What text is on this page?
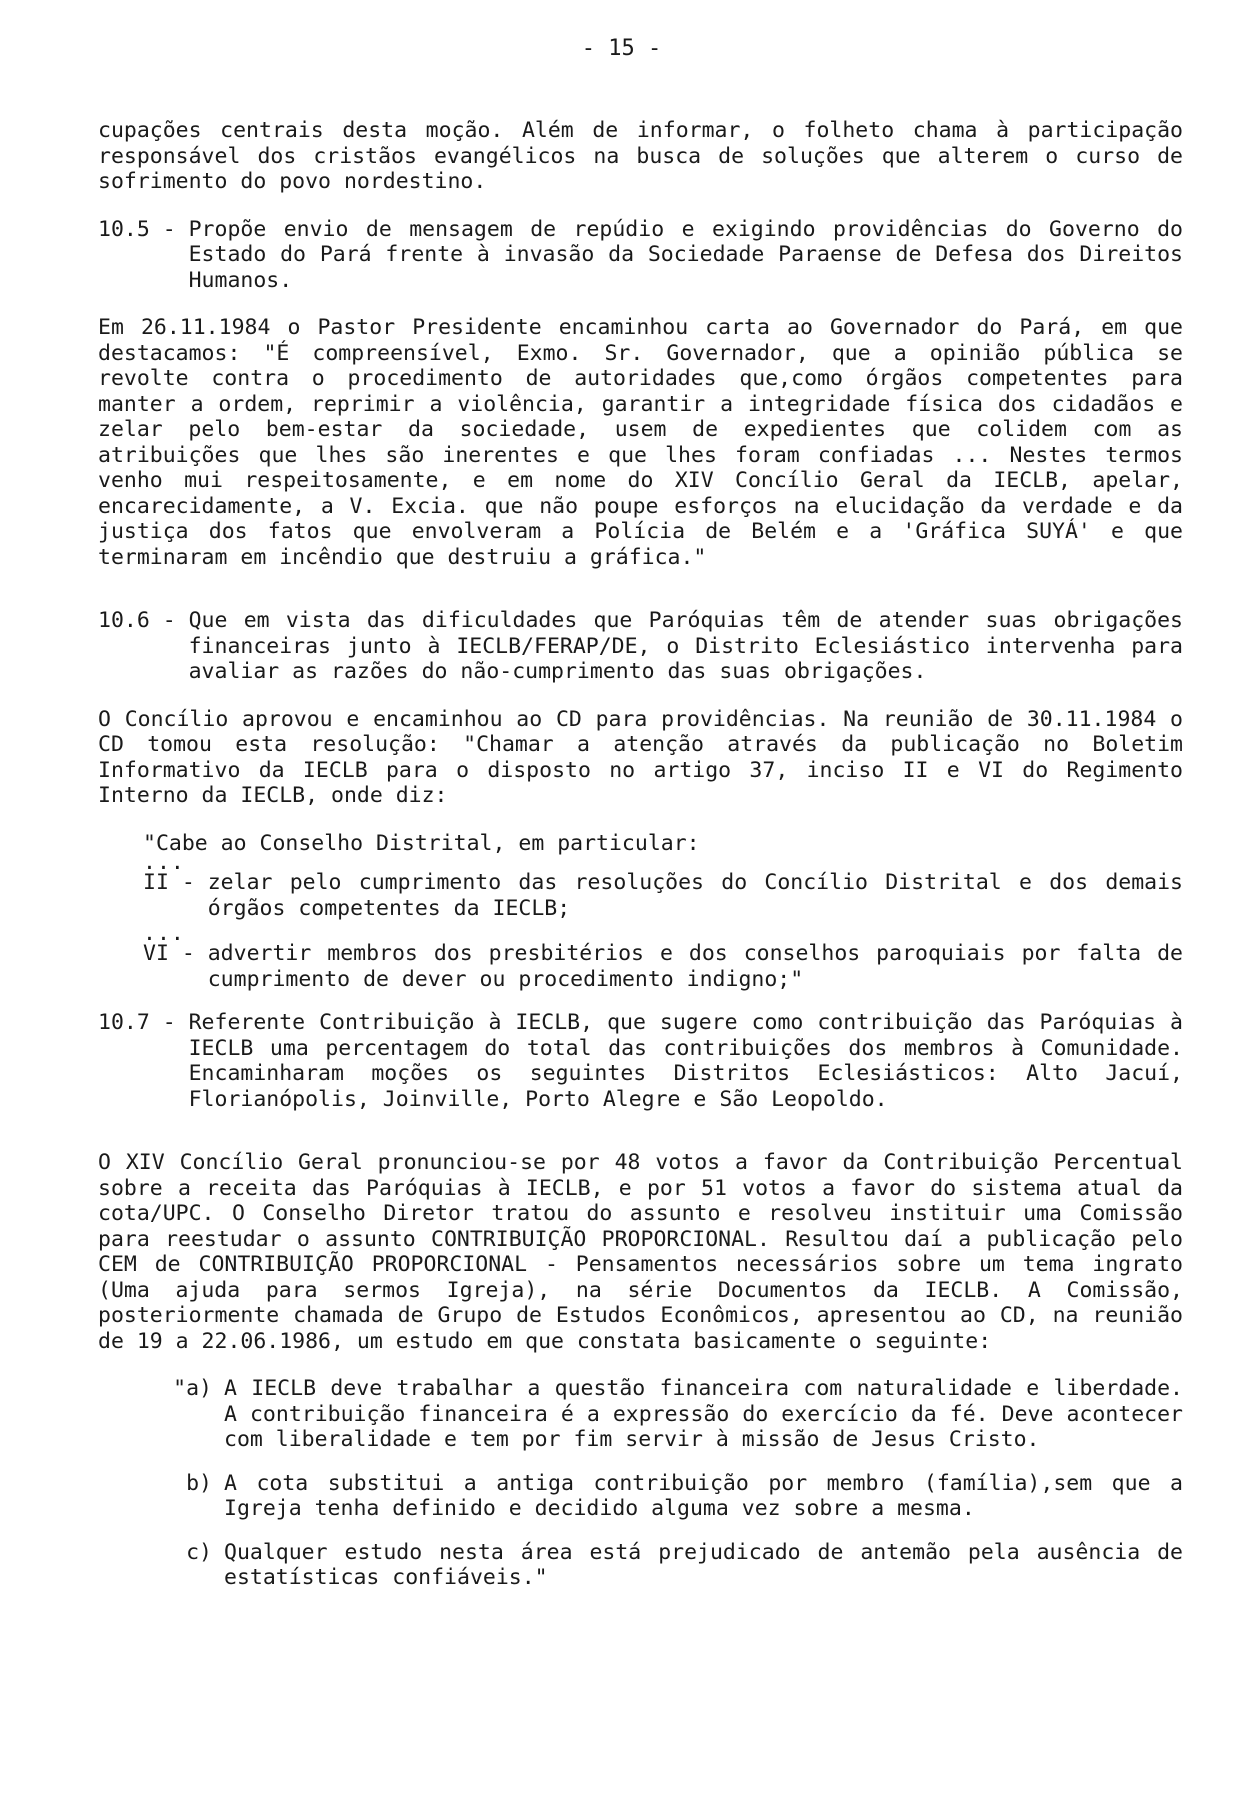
- 15 -

cupações centrais desta moção. Além de informar, o folheto chama à participação responsável dos cristãos evangélicos na busca de soluções que alterem o curso de sofrimento do povo nordestino.

10.5 - Propõe envio de mensagem de repúdio e exigindo providências do Governo do Estado do Pará frente à invasão da Sociedade Paraense de Defesa dos Direitos Humanos.

Em 26.11.1984 o Pastor Presidente encaminhou carta ao Governador do Pará, em que destacamos: "É compreensível, Exmo. Sr. Governador, que a opinião pública se revolte contra o procedimento de autoridades que,como órgãos competentes para manter a ordem, reprimir a violência, garantir a integridade física dos cidadãos e zelar pelo bem-estar da sociedade, usem de expedientes que colidem com as atribuições que lhes são inerentes e que lhes foram confiadas ... Nestes termos venho mui respeitosamente, e em nome do XIV Concílio Geral da IECLB, apelar, encarecidamente, a V. Excia. que não poupe esforços na elucidação da verdade e da justiça dos fatos que envolveram a Polícia de Belém e a 'Gráfica SUYÁ' e que terminaram em incêndio que destruiu a gráfica."

10.6 - Que em vista das dificuldades que Paróquias têm de atender suas obrigações financeiras junto à IECLB/FERAP/DE, o Distrito Eclesiástico intervenha para avaliar as razões do não-cumprimento das suas obrigações.

O Concílio aprovou e encaminhou ao CD para providências. Na reunião de 30.11.1984 o CD tomou esta resolução: "Chamar a atenção através da publicação no Boletim Informativo da IECLB para o disposto no artigo 37, inciso II e VI do Regimento Interno da IECLB, onde diz:

"Cabe ao Conselho Distrital, em particular:

...
II - zelar pelo cumprimento das resoluções do Concílio Distrital e dos demais órgãos competentes da IECLB;
...
VI - advertir membros dos presbitérios e dos conselhos paroquiais por falta de cumprimento de dever ou procedimento indigno;"
10.7 - Referente Contribuição à IECLB, que sugere como contribuição das Paróquias à IECLB uma percentagem do total das contribuições dos membros à Comunidade. Encaminharam moções os seguintes Distritos Eclesiásticos: Alto Jacuí, Florianópolis, Joinville, Porto Alegre e São Leopoldo.

O XIV Concílio Geral pronunciou-se por 48 votos a favor da Contribuição Percentual sobre a receita das Paróquias à IECLB, e por 51 votos a favor do sistema atual da cota/UPC. O Conselho Diretor tratou do assunto e resolveu instituir uma Comissão para reestudar o assunto CONTRIBUIÇÃO PROPORCIONAL. Resultou daí a publicação pelo CEM de CONTRIBUIÇÃO PROPORCIONAL - Pensamentos necessários sobre um tema ingrato (Uma ajuda para sermos Igreja), na série Documentos da IECLB. A Comissão, posteriormente chamada de Grupo de Estudos Econômicos, apresentou ao CD, na reunião de 19 a 22.06.1986, um estudo em que constata basicamente o seguinte:

"a) A IECLB deve trabalhar a questão financeira com naturalidade e liberdade. A contribuição financeira é a expressão do exercício da fé. Deve acontecer com liberalidade e tem por fim servir à missão de Jesus Cristo.
b) A cota substitui a antiga contribuição por membro (família),sem que a Igreja tenha definido e decidido alguma vez sobre a mesma.
c) Qualquer estudo nesta área está prejudicado de antemão pela ausência de estatísticas confiáveis."
